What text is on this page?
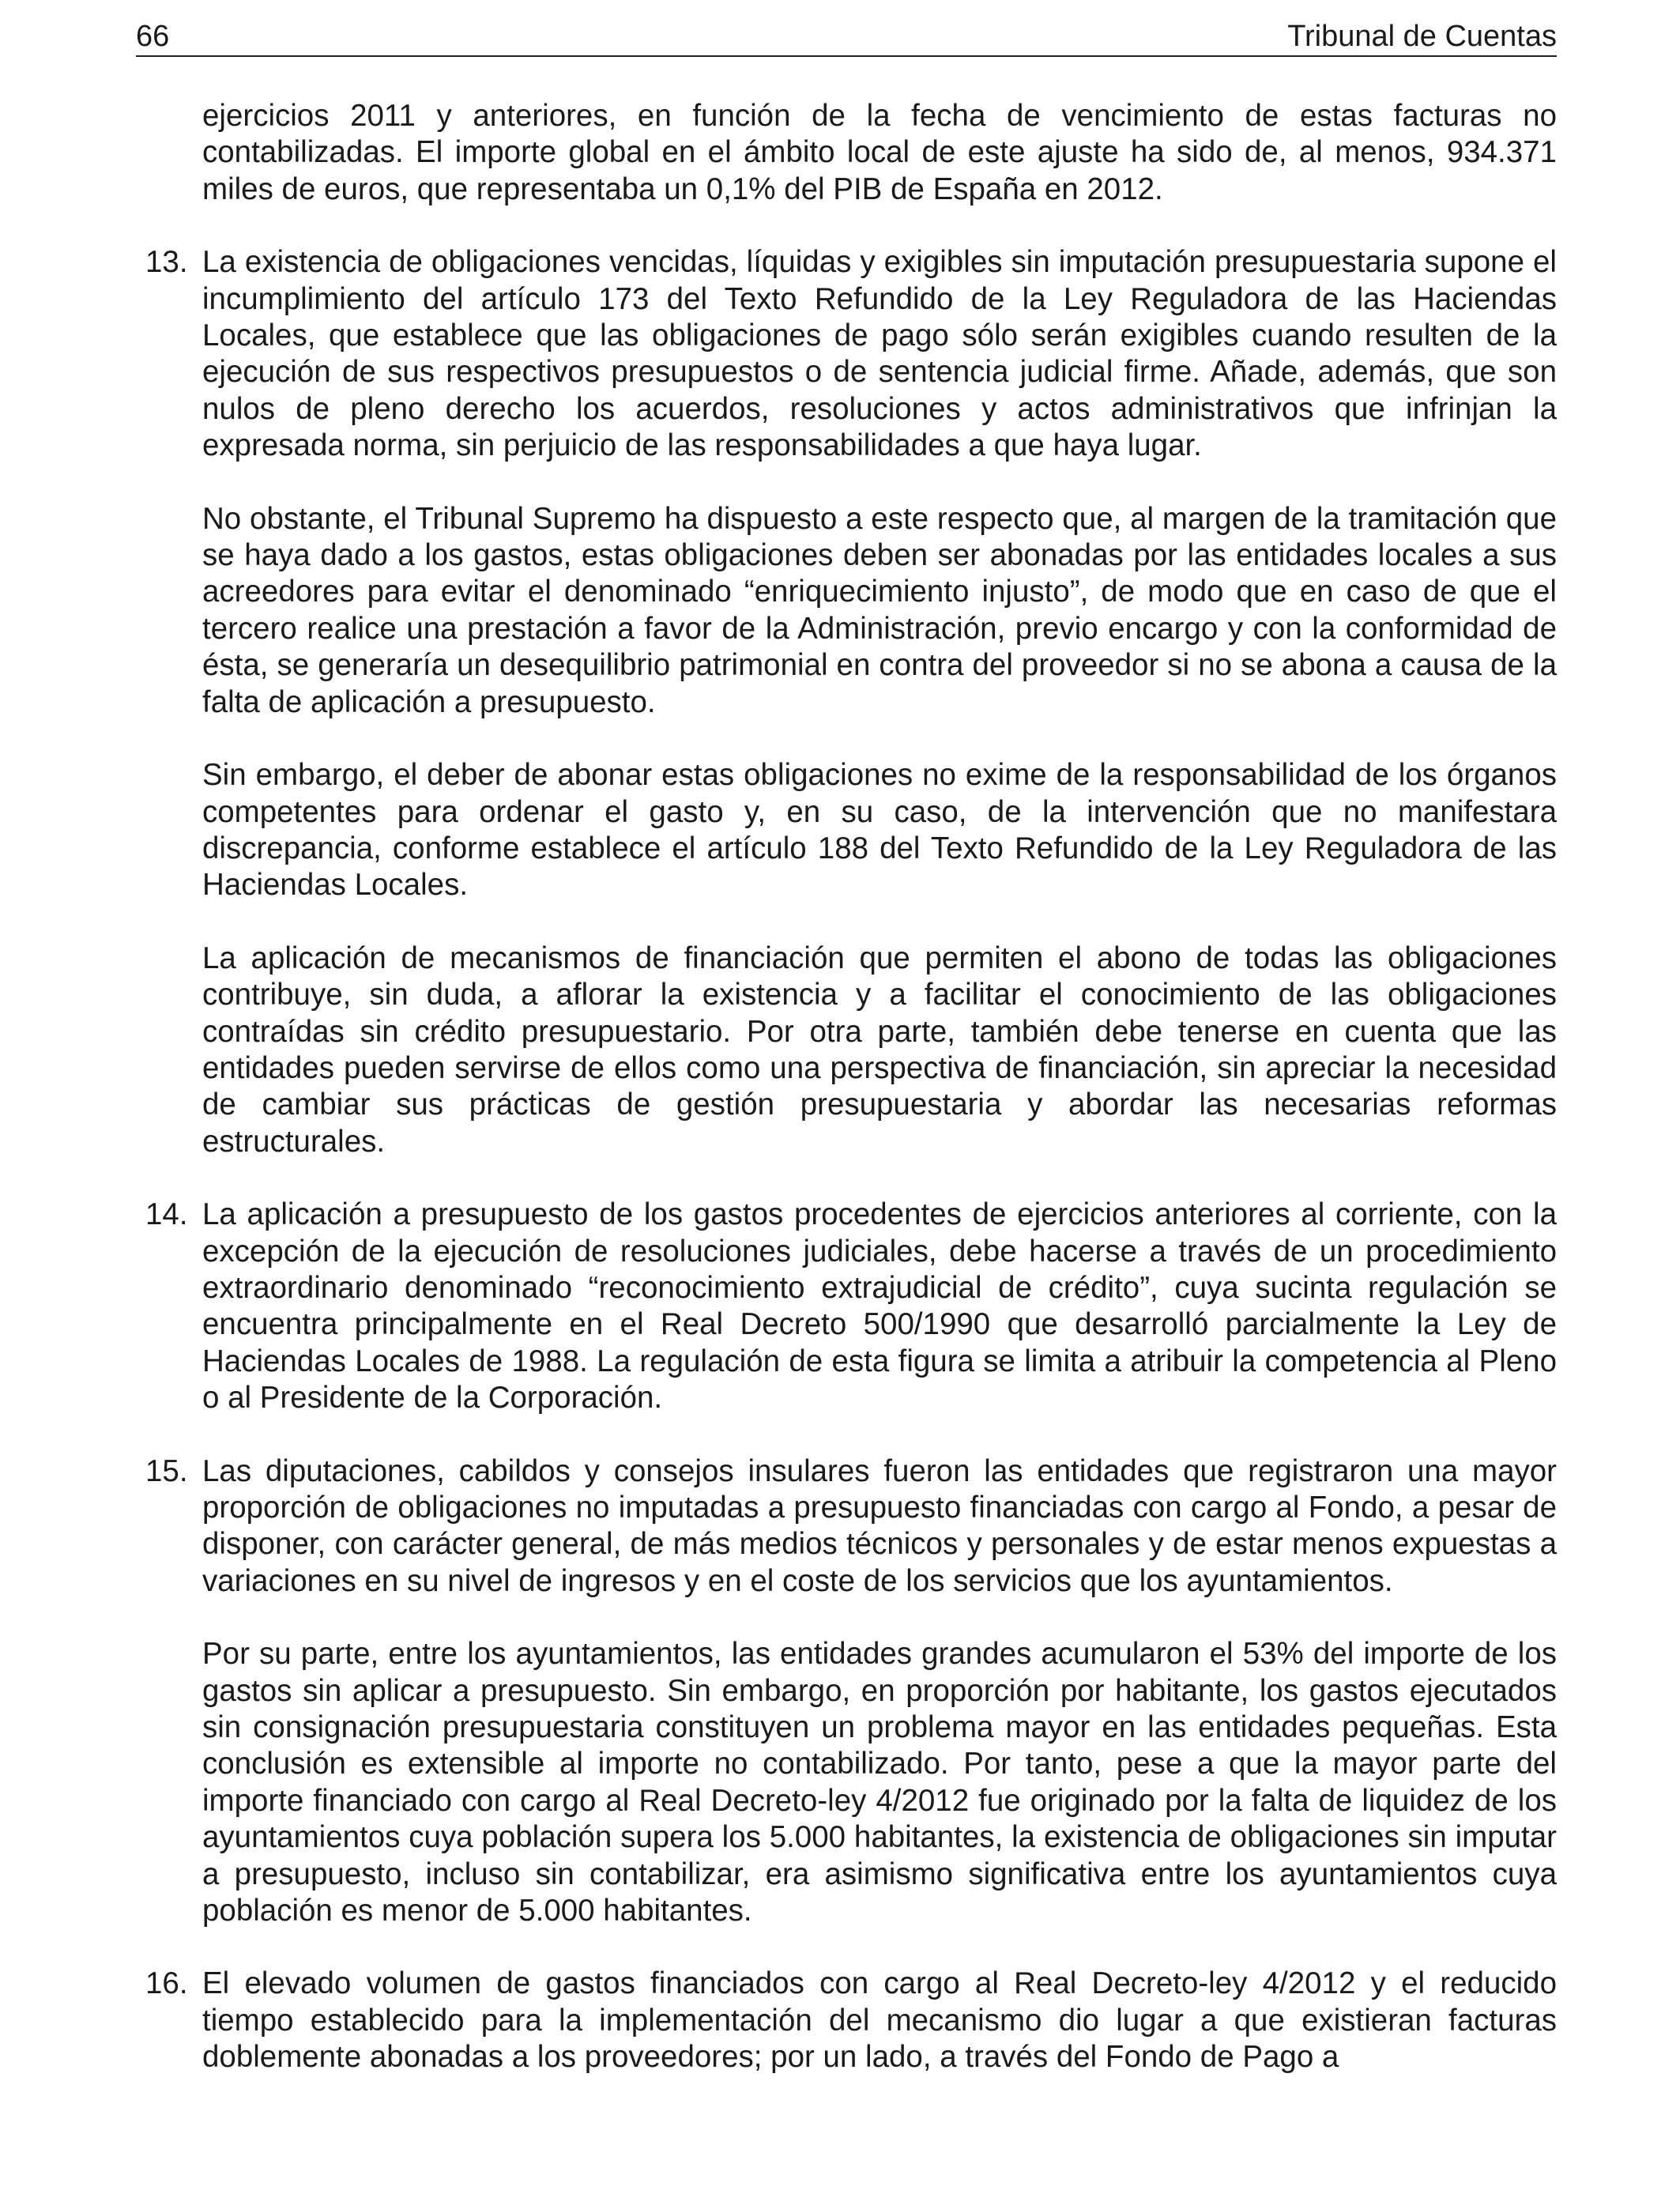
66	Tribunal de Cuentas

ejercicios 2011 y anteriores, en función de la fecha de vencimiento de estas facturas no contabilizadas. El importe global en el ámbito local de este ajuste ha sido de, al menos, 934.371 miles de euros, que representaba un 0,1% del PIB de España en 2012.

13. La existencia de obligaciones vencidas, líquidas y exigibles sin imputación presupuestaria supone el incumplimiento del artículo 173 del Texto Refundido de la Ley Reguladora de las Haciendas Locales, que establece que las obligaciones de pago sólo serán exigibles cuando resulten de la ejecución de sus respectivos presupuestos o de sentencia judicial firme. Añade, además, que son nulos de pleno derecho los acuerdos, resoluciones y actos administrativos que infrinjan la expresada norma, sin perjuicio de las responsabilidades a que haya lugar.

No obstante, el Tribunal Supremo ha dispuesto a este respecto que, al margen de la tramitación que se haya dado a los gastos, estas obligaciones deben ser abonadas por las entidades locales a sus acreedores para evitar el denominado “enriquecimiento injusto”, de modo que en caso de que el tercero realice una prestación a favor de la Administración, previo encargo y con la conformidad de ésta, se generaría un desequilibrio patrimonial en contra del proveedor si no se abona a causa de la falta de aplicación a presupuesto.

Sin embargo, el deber de abonar estas obligaciones no exime de la responsabilidad de los órganos competentes para ordenar el gasto y, en su caso, de la intervención que no manifestara discrepancia, conforme establece el artículo 188 del Texto Refundido de la Ley Reguladora de las Haciendas Locales.

La aplicación de mecanismos de financiación que permiten el abono de todas las obligaciones contribuye, sin duda, a aflorar la existencia y a facilitar el conocimiento de las obligaciones contraídas sin crédito presupuestario. Por otra parte, también debe tenerse en cuenta que las entidades pueden servirse de ellos como una perspectiva de financiación, sin apreciar la necesidad de cambiar sus prácticas de gestión presupuestaria y abordar las necesarias reformas estructurales.

14. La aplicación a presupuesto de los gastos procedentes de ejercicios anteriores al corriente, con la excepción de la ejecución de resoluciones judiciales, debe hacerse a través de un procedimiento extraordinario denominado “reconocimiento extrajudicial de crédito”, cuya sucinta regulación se encuentra principalmente en el Real Decreto 500/1990 que desarrolló parcialmente la Ley de Haciendas Locales de 1988. La regulación de esta figura se limita a atribuir la competencia al Pleno o al Presidente de la Corporación.

15. Las diputaciones, cabildos y consejos insulares fueron las entidades que registraron una mayor proporción de obligaciones no imputadas a presupuesto financiadas con cargo al Fondo, a pesar de disponer, con carácter general, de más medios técnicos y personales y de estar menos expuestas a variaciones en su nivel de ingresos y en el coste de los servicios que los ayuntamientos.

Por su parte, entre los ayuntamientos, las entidades grandes acumularon el 53% del importe de los gastos sin aplicar a presupuesto. Sin embargo, en proporción por habitante, los gastos ejecutados sin consignación presupuestaria constituyen un problema mayor en las entidades pequeñas. Esta conclusión es extensible al importe no contabilizado. Por tanto, pese a que la mayor parte del importe financiado con cargo al Real Decreto-ley 4/2012 fue originado por la falta de liquidez de los ayuntamientos cuya población supera los 5.000 habitantes, la existencia de obligaciones sin imputar a presupuesto, incluso sin contabilizar, era asimismo significativa entre los ayuntamientos cuya población es menor de 5.000 habitantes.

16. El elevado volumen de gastos financiados con cargo al Real Decreto-ley 4/2012 y el reducido tiempo establecido para la implementación del mecanismo dio lugar a que existieran facturas doblemente abonadas a los proveedores; por un lado, a través del Fondo de Pago a
